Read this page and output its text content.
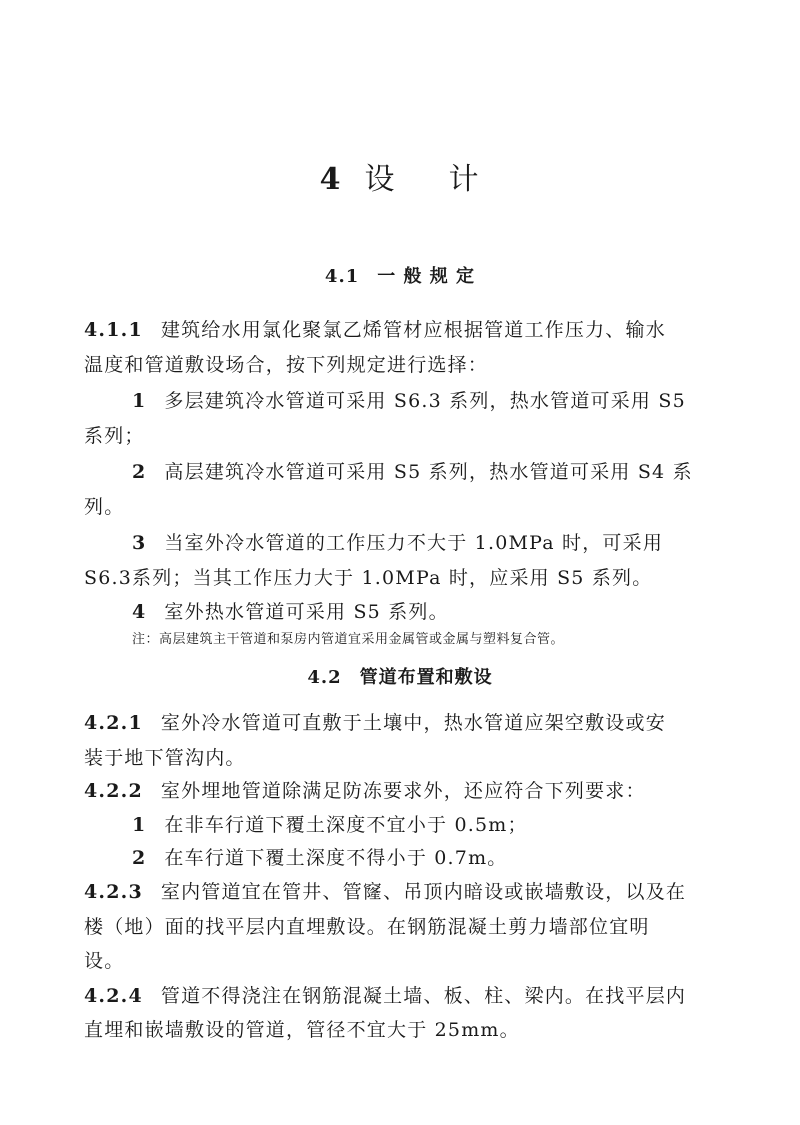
4 设 计
4.1 一 般 规 定
4.1.1 建筑给水用氯化聚氯乙烯管材应根据管道工作压力、输水
温度和管道敷设场合，按下列规定进行选择：
1 多层建筑冷水管道可采用 S6.3 系列，热水管道可采用 S5
系列；
2 高层建筑冷水管道可采用 S5 系列，热水管道可采用 S4 系
列。
3 当室外冷水管道的工作压力不大于 1.0MPa 时，可采用
S6.3系列；当其工作压力大于 1.0MPa 时，应采用 S5 系列。
4 室外热水管道可采用 S5 系列。
注：高层建筑主干管道和泵房内管道宜采用金属管或金属与塑料复合管。
4.2 管道布置和敷设
4.2.1 室外冷水管道可直敷于土壤中，热水管道应架空敷设或安
装于地下管沟内。
4.2.2 室外埋地管道除满足防冻要求外，还应符合下列要求：
1 在非车行道下覆土深度不宜小于 0.5m；
2 在车行道下覆土深度不得小于 0.7m。
4.2.3 室内管道宜在管井、管窿、吊顶内暗设或嵌墙敷设，以及在
楼（地）面的找平层内直埋敷设。在钢筋混凝土剪力墙部位宜明
设。
4.2.4 管道不得浇注在钢筋混凝土墙、板、柱、梁内。在找平层内
直埋和嵌墙敷设的管道，管径不宜大于 25mm。
